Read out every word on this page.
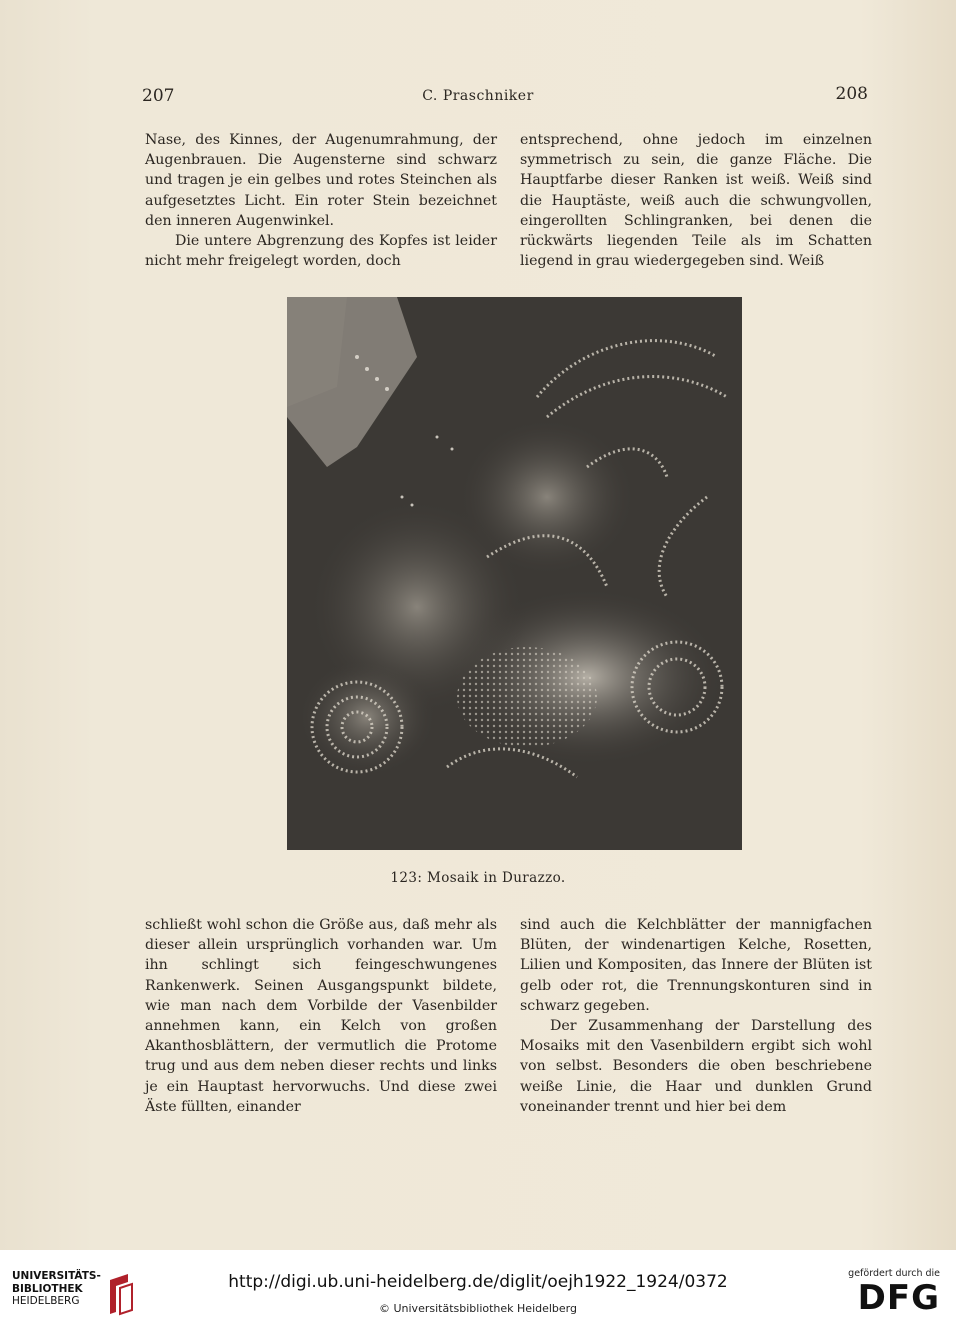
207	C. Praschniker	208

Nase, des Kinnes, der Augenumrahmung, der Augenbrauen. Die Augensterne sind schwarz und tragen je ein gelbes und rotes Steinchen als aufgesetztes Licht. Ein roter Stein bezeichnet den inneren Augenwinkel.

Die untere Abgrenzung des Kopfes ist leider nicht mehr freigelegt worden, doch

entsprechend, ohne jedoch im einzelnen symmetrisch zu sein, die ganze Fläche. Die Hauptfarbe dieser Ranken ist weiß. Weiß sind die Hauptäste, weiß auch die schwungvollen, eingerollten Schlingranken, bei denen die rückwärts liegenden Teile als im Schatten liegend in grau wiedergegeben sind. Weiß

123: Mosaik in Durazzo.

schließt wohl schon die Größe aus, daß mehr als dieser allein ursprünglich vorhanden war. Um ihn schlingt sich feingeschwungenes Rankenwerk. Seinen Ausgangspunkt bildete, wie man nach dem Vorbilde der Vasenbilder annehmen kann, ein Kelch von großen Akanthosblättern, der vermutlich die Protome trug und aus dem neben dieser rechts und links je ein Hauptast hervorwuchs. Und diese zwei Äste füllten, einander

sind auch die Kelchblätter der mannigfachen Blüten, der windenartigen Kelche, Rosetten, Lilien und Kompositen, das Innere der Blüten ist gelb oder rot, die Trennungskonturen sind in schwarz gegeben.

Der Zusammenhang der Darstellung des Mosaiks mit den Vasenbildern ergibt sich wohl von selbst. Besonders die oben beschriebene weiße Linie, die Haar und dunklen Grund voneinander trennt und hier bei dem

UNIVERSITÄTS-
BIBLIOTHEK
HEIDELBERG
http://digi.ub.uni-heidelberg.de/diglit/oejh1922_1924/0372
© Universitätsbibliothek Heidelberg
gefördert durch die
DFG
